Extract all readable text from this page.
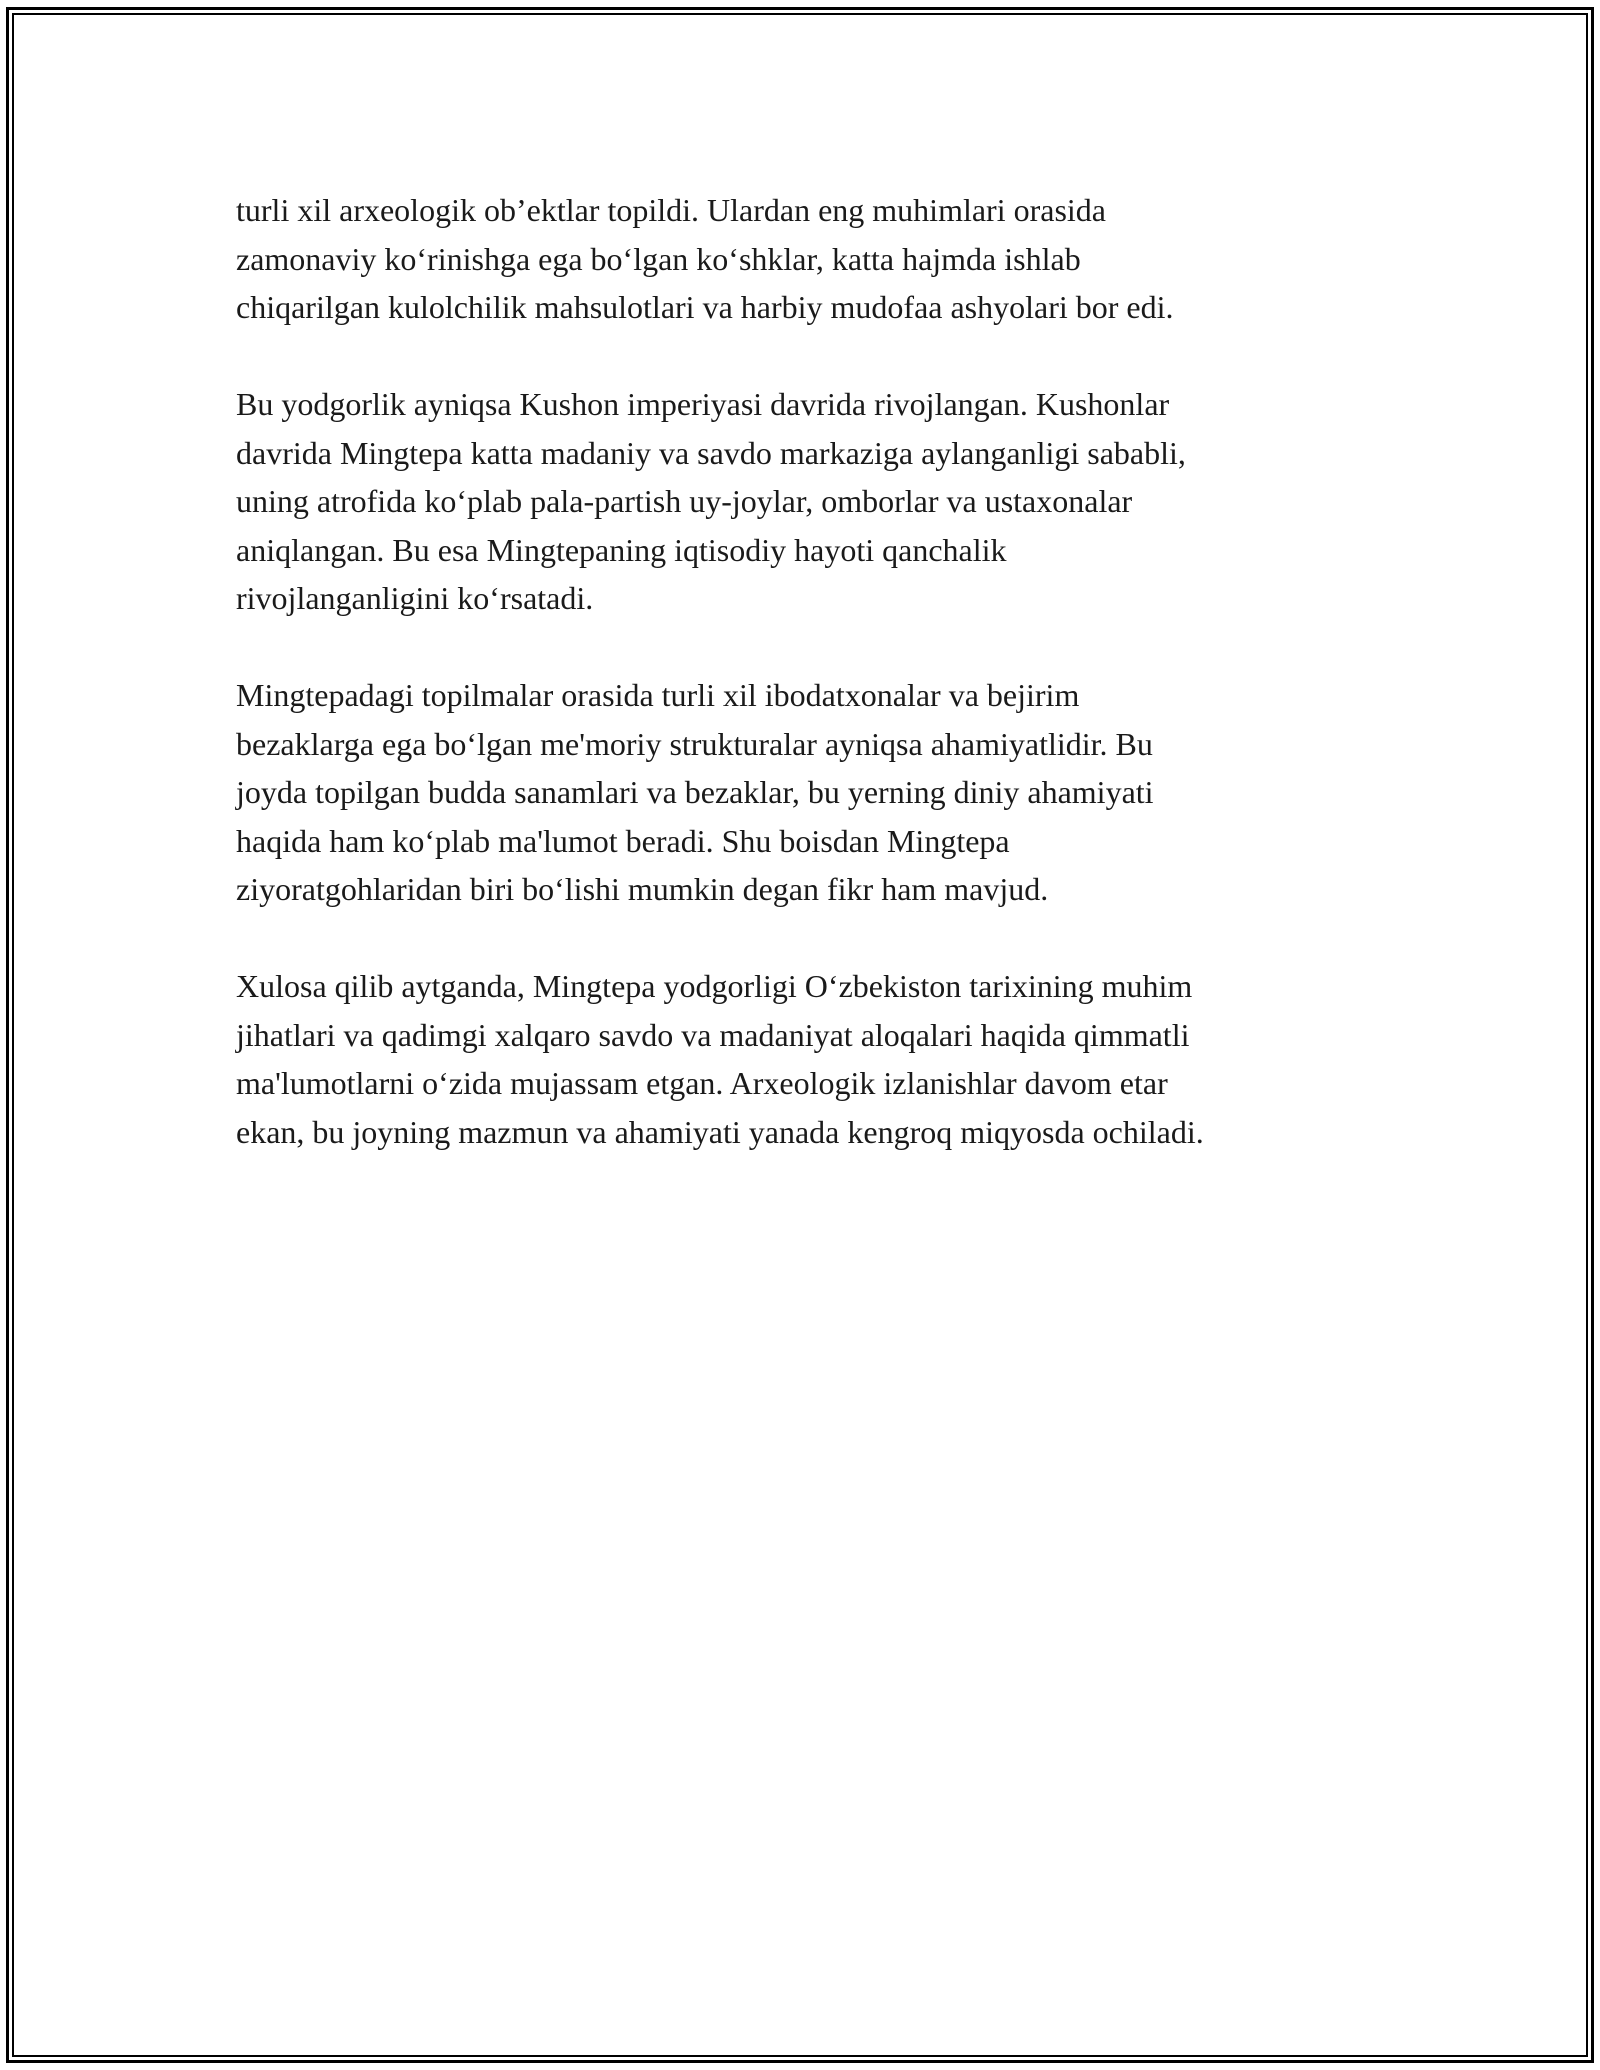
turli xil arxeologik ob’ektlar topildi. Ulardan eng muhimlari orasida
zamonaviy ko‘rinishga ega bo‘lgan ko‘shklar, katta hajmda ishlab
chiqarilgan kulolchilik mahsulotlari va harbiy mudofaa ashyolari bor edi.

Bu yodgorlik ayniqsa Kushon imperiyasi davrida rivojlangan. Kushonlar
davrida Mingtepa katta madaniy va savdo markaziga aylanganligi sababli,
uning atrofida ko‘plab pala-partish uy-joylar, omborlar va ustaxonalar
aniqlangan. Bu esa Mingtepaning iqtisodiy hayoti qanchalik
rivojlanganligini ko‘rsatadi.

Mingtepadagi topilmalar orasida turli xil ibodatxonalar va bejirim
bezaklarga ega bo‘lgan me'moriy strukturalar ayniqsa ahamiyatlidir. Bu
joyda topilgan budda sanamlari va bezaklar, bu yerning diniy ahamiyati
haqida ham ko‘plab ma'lumot beradi. Shu boisdan Mingtepa
ziyoratgohlaridan biri bo‘lishi mumkin degan fikr ham mavjud.

Xulosa qilib aytganda, Mingtepa yodgorligi O‘zbekiston tarixining muhim
jihatlari va qadimgi xalqaro savdo va madaniyat aloqalari haqida qimmatli
ma'lumotlarni o‘zida mujassam etgan. Arxeologik izlanishlar davom etar
ekan, bu joyning mazmun va ahamiyati yanada kengroq miqyosda ochiladi.
